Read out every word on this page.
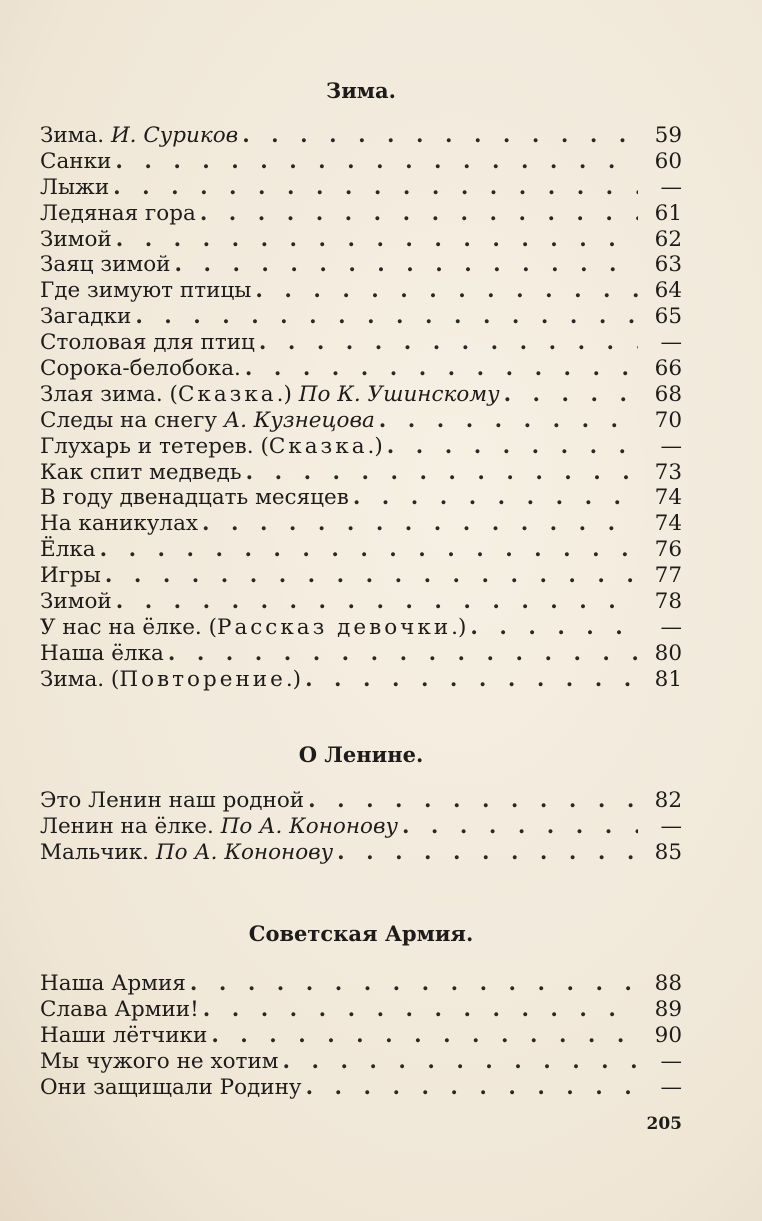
Зима.
Зима. И. Суриков . . .	59
Санки . . .	60
Лыжи . . .	—
Ледяная гора . . .	61
Зимой . . .	62
Заяц зимой . . .	63
Где зимуют птицы . . .	64
Загадки . . .	65
Столовая для птиц . . .	—
Сорока-белобока. . . .	66
Злая зима. (Сказка.) По К. Ушинскому . . .	68
Следы на снегу А. Кузнецова . . .	70
Глухарь и тетерев. (Сказка.) . . .	—
Как спит медведь . . .	73
В году двенадцать месяцев . . .	74
На каникулах . . .	74
Ёлка . . .	76
Игры . . .	77
Зимой . . .	78
У нас на ёлке. (Рассказ девочки.) . . .	—
Наша ёлка . . .	80
Зима. (Повторение.) . . .	81
О Ленине.
Это Ленин наш родной . . .	82
Ленин на ёлке. По А. Кононову . . .	—
Мальчик. По А. Кононову . . .	85
Советская Армия.
Наша Армия . . .	88
Слава Армии! . . .	89
Наши лётчики . . .	90
Мы чужого не хотим . . .	—
Они защищали Родину . . .	—
205
